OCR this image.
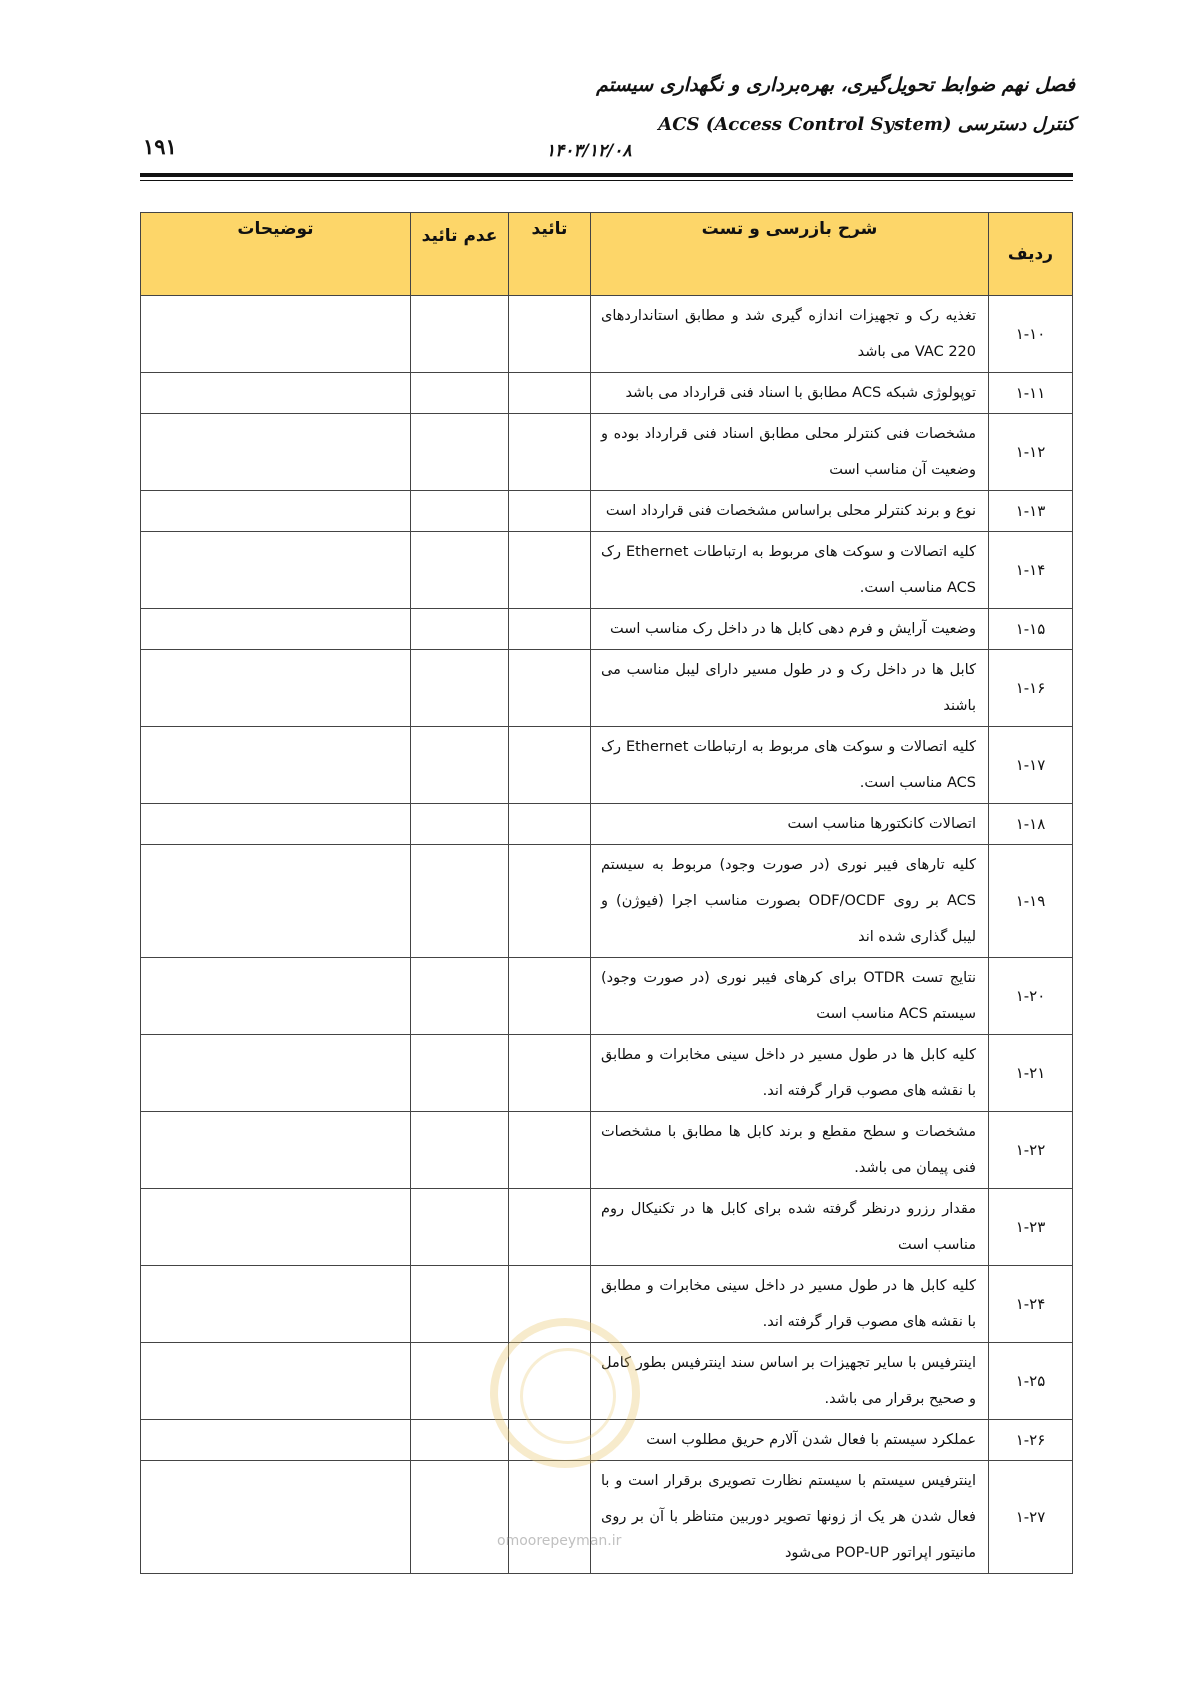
فصل نهم ضوابط تحویل‌گیری، بهره‌برداری و نگهداری سیستم
کنترل دسترسی (ACS (Access Control System
۱۹۱	۱۴۰۳/۱۲/۰۸
ردیف	شرح بازرسی و تست	تائید	عدم تائید	توضیحات
۱-۱۰	تغذیه رک و تجهیزات اندازه گیری شد و مطابق استانداردهای 220 VAC می باشد			
۱-۱۱	توپولوژی شبکه ACS مطابق با اسناد فنی قرارداد می باشد			
۱-۱۲	مشخصات فنی کنترلر محلی مطابق اسناد فنی قرارداد بوده و وضعیت آن مناسب است			
۱-۱۳	نوع و برند کنترلر محلی براساس مشخصات فنی قرارداد است			
۱-۱۴	کلیه اتصالات و سوکت های مربوط به ارتباطات Ethernet رک ACS مناسب است.			
۱-۱۵	وضعیت آرایش و فرم دهی کابل ها در داخل رک مناسب است			
۱-۱۶	کابل ها در داخل رک و در طول مسیر دارای لیبل مناسب می باشند			
۱-۱۷	کلیه اتصالات و سوکت های مربوط به ارتباطات Ethernet رک ACS مناسب است.			
۱-۱۸	اتصالات کانکتورها مناسب است			
۱-۱۹	کلیه تارهای فیبر نوری (در صورت وجود) مربوط به سیستم ACS بر روی ODF/OCDF بصورت مناسب اجرا (فیوژن) و لیبل گذاری شده اند			
۱-۲۰	نتایج تست OTDR برای کرهای فیبر نوری (در صورت وجود) سیستم ACS مناسب است			
۱-۲۱	کلیه کابل ها در طول مسیر در داخل سینی مخابرات و مطابق با نقشه های مصوب قرار گرفته اند.			
۱-۲۲	مشخصات و سطح مقطع و برند کابل ها مطابق با مشخصات فنی پیمان می باشد.			
۱-۲۳	مقدار رزرو درنظر گرفته شده برای کابل ها در تکنیکال روم مناسب است			
۱-۲۴	کلیه کابل ها در طول مسیر در داخل سینی مخابرات و مطابق با نقشه های مصوب قرار گرفته اند.			
۱-۲۵	اینترفیس با سایر تجهیزات بر اساس سند اینترفیس بطور کامل و صحیح برقرار می باشد.			
۱-۲۶	عملکرد سیستم با فعال شدن آلارم حریق مطلوب است			
۱-۲۷	اینترفیس سیستم با سیستم نظارت تصویری برقرار است و با فعال شدن هر یک از زونها تصویر دوربین متناظر با آن بر روی مانیتور اپراتور POP-UP می‌شود			
omoorepeyman.ir
